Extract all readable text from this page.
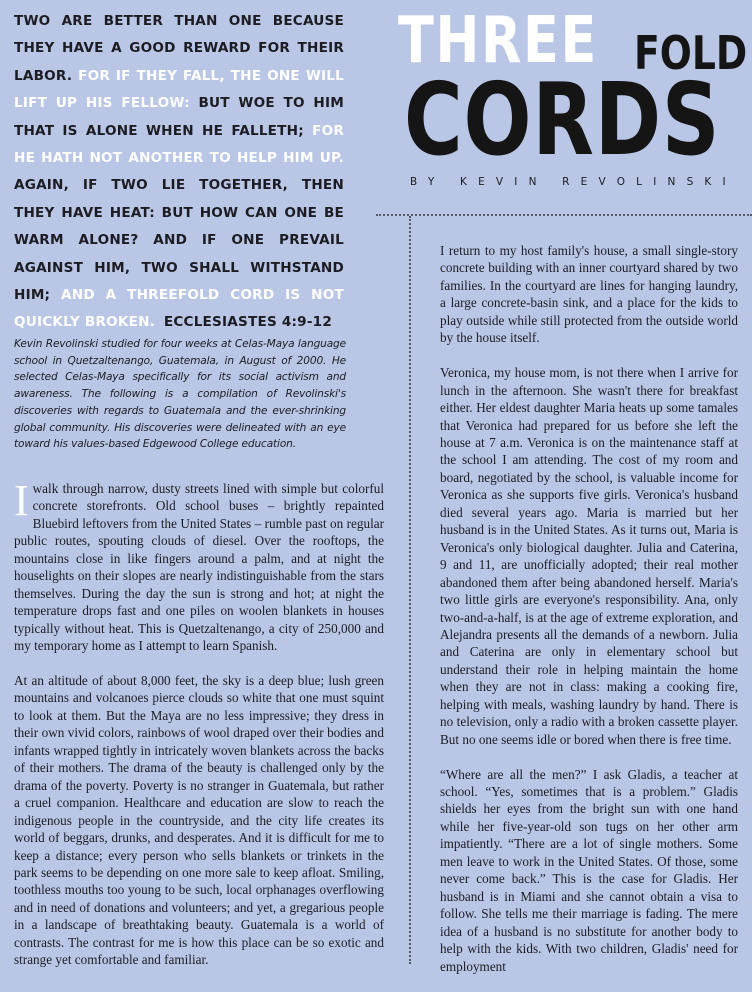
TWO ARE BETTER THAN ONE BECAUSE THEY HAVE A GOOD REWARD FOR THEIR LABOR. FOR IF THEY FALL, THE ONE WILL LIFT UP HIS FELLOW: BUT WOE TO HIM THAT IS ALONE WHEN HE FALLETH; FOR HE HATH NOT ANOTHER TO HELP HIM UP. AGAIN, IF TWO LIE TOGETHER, THEN THEY HAVE HEAT: BUT HOW CAN ONE BE WARM ALONE? AND IF ONE PREVAIL AGAINST HIM, TWO SHALL WITHSTAND HIM; AND A THREEFOLD CORD IS NOT QUICKLY BROKEN. ECCLESIASTES 4:9-12
THREE FOLD
CORDS
BY KEVIN REVOLINSKI
Kevin Revolinski studied for four weeks at Celas-Maya language school in Quetzaltenango, Guatemala, in August of 2000. He selected Celas-Maya specifically for its social activism and awareness. The following is a compilation of Revolinski's discoveries with regards to Guatemala and the ever-shrinking global community. His discoveries were delineated with an eye toward his values-based Edgewood College education.

I walk through narrow, dusty streets lined with simple but colorful concrete storefronts. Old school buses – brightly repainted Bluebird leftovers from the United States – rumble past on regular public routes, spouting clouds of diesel. Over the rooftops, the mountains close in like fingers around a palm, and at night the houselights on their slopes are nearly indistinguishable from the stars themselves. During the day the sun is strong and hot; at night the temperature drops fast and one piles on woolen blankets in houses typically without heat. This is Quetzaltenango, a city of 250,000 and my temporary home as I attempt to learn Spanish.

At an altitude of about 8,000 feet, the sky is a deep blue; lush green mountains and volcanoes pierce clouds so white that one must squint to look at them. But the Maya are no less impressive; they dress in their own vivid colors, rainbows of wool draped over their bodies and infants wrapped tightly in intricately woven blankets across the backs of their mothers. The drama of the beauty is challenged only by the drama of the poverty. Poverty is no stranger in Guatemala, but rather a cruel companion. Healthcare and education are slow to reach the indigenous people in the countryside, and the city life creates its world of beggars, drunks, and desperates. And it is difficult for me to keep a distance; every person who sells blankets or trinkets in the park seems to be depending on one more sale to keep afloat. Smiling, toothless mouths too young to be such, local orphanages overflowing and in need of donations and volunteers; and yet, a gregarious people in a landscape of breathtaking beauty. Guatemala is a world of contrasts. The contrast for me is how this place can be so exotic and strange yet comfortable and familiar.

I return to my host family's house, a small single-story concrete building with an inner courtyard shared by two families. In the courtyard are lines for hanging laundry, a large concrete-basin sink, and a place for the kids to play outside while still protected from the outside world by the house itself.

Veronica, my house mom, is not there when I arrive for lunch in the afternoon. She wasn't there for breakfast either. Her eldest daughter Maria heats up some tamales that Veronica had prepared for us before she left the house at 7 a.m. Veronica is on the maintenance staff at the school I am attending. The cost of my room and board, negotiated by the school, is valuable income for Veronica as she supports five girls. Veronica's husband died several years ago. Maria is married but her husband is in the United States. As it turns out, Maria is Veronica's only biological daughter. Julia and Caterina, 9 and 11, are unofficially adopted; their real mother abandoned them after being abandoned herself. Maria's two little girls are everyone's responsibility. Ana, only two-and-a-half, is at the age of extreme exploration, and Alejandra presents all the demands of a newborn. Julia and Caterina are only in elementary school but understand their role in helping maintain the home when they are not in class: making a cooking fire, helping with meals, washing laundry by hand. There is no television, only a radio with a broken cassette player. But no one seems idle or bored when there is free time.

“Where are all the men?” I ask Gladis, a teacher at school. “Yes, sometimes that is a problem.” Gladis shields her eyes from the bright sun with one hand while her five-year-old son tugs on her other arm impatiently. “There are a lot of single mothers. Some men leave to work in the United States. Of those, some never come back.” This is the case for Gladis. Her husband is in Miami and she cannot obtain a visa to follow. She tells me their marriage is fading. The mere idea of a husband is no substitute for another body to help with the kids. With two children, Gladis' need for employment
